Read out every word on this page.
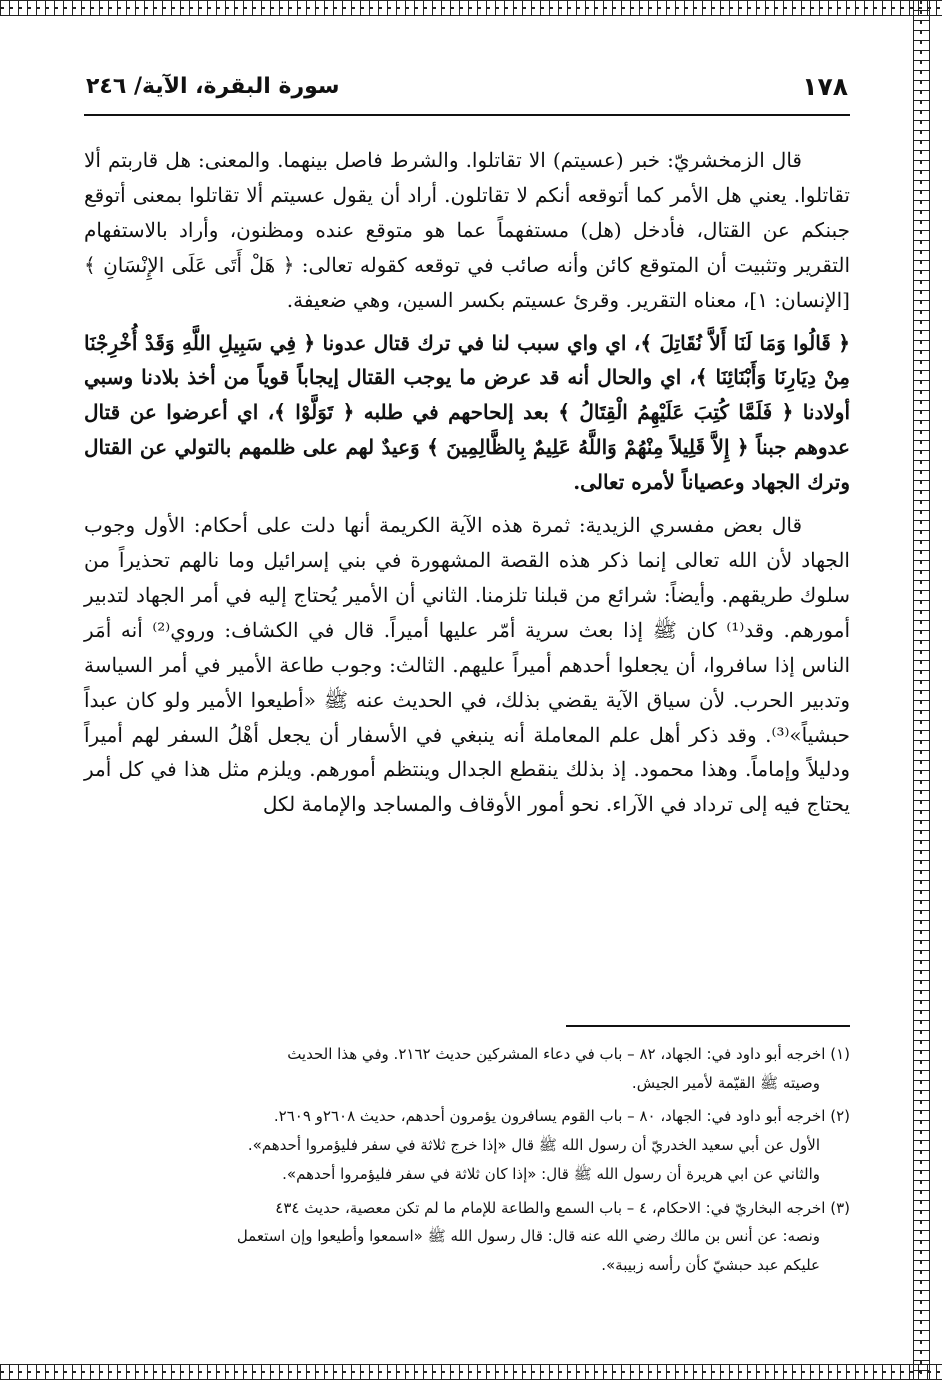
١٧٨
سورة البقرة، الآية/ ٢٤٦

قال الزمخشريّ: خبر (عسيتم) الا تقاتلوا. والشرط فاصل بينهما. والمعنى: هل قاربتم ألا تقاتلوا. يعني هل الأمر كما أتوقعه أنكم لا تقاتلون. أراد أن يقول عسيتم ألا تقاتلوا بمعنى أتوقع جبنكم عن القتال، فأدخل (هل) مستفهماً عما هو متوقع عنده ومظنون، وأراد بالاستفهام التقرير وتثبيت أن المتوقع كائن وأنه صائب في توقعه كقوله تعالى: ﴿ هَلْ أَتَى عَلَى الإِنْسَانِ ﴾[الإنسان: ١]، معناه التقرير. وقرئ عسيتم بكسر السين، وهي ضعيفة.

﴿ قَالُوا وَمَا لَنَا أَلاَّ نُقَاتِلَ ﴾، اي واي سبب لنا في ترك قتال عدونا ﴿ فِي سَبِيلِ اللَّهِ وَقَدْ أُخْرِجْنَا مِنْ دِيَارِنَا وَأَبْنَائِنَا ﴾، اي والحال أنه قد عرض ما يوجب القتال إيجاباً قوياً من أخذ بلادنا وسبي أولادنا ﴿ فَلَمَّا كُتِبَ عَلَيْهِمُ الْقِتَالُ ﴾ بعد إلحاحهم في طلبه ﴿ تَوَلَّوْا ﴾، اي أعرضوا عن قتال عدوهم جبناً ﴿ إِلاَّ قَلِيلاً مِنْهُمْ وَاللَّهُ عَلِيمٌ بِالظَّالِمِينَ ﴾ وَعيدٌ لهم على ظلمهم بالتولي عن القتال وترك الجهاد وعصياناً لأمره تعالى.

قال بعض مفسري الزيدية: ثمرة هذه الآية الكريمة أنها دلت على أحكام: الأول وجوب الجهاد لأن الله تعالى إنما ذكر هذه القصة المشهورة في بني إسرائيل وما نالهم تحذيراً من سلوك طريقهم. وأيضاً: شرائع من قبلنا تلزمنا. الثاني أن الأمير يُحتاج إليه في أمر الجهاد لتدبير أمورهم. وقد⁽¹⁾ كان ﷺ إذا بعث سرية أمّر عليها أميراً. قال في الكشاف: وروي⁽²⁾ أنه أمَر الناس إذا سافروا، أن يجعلوا أحدهم أميراً عليهم. الثالث: وجوب طاعة الأمير في أمر السياسة وتدبير الحرب. لأن سياق الآية يقضي بذلك، في الحديث عنه ﷺ «أطيعوا الأمير ولو كان عبداً حبشياً»⁽³⁾. وقد ذكر أهل علم المعاملة أنه ينبغي في الأسفار أن يجعل أهْلُ السفر لهم أميراً ودليلاً وإماماً. وهذا محمود. إذ بذلك ينقطع الجدال وينتظم أمورهم. ويلزم مثل هذا في كل أمر يحتاج فيه إلى ترداد في الآراء. نحو أمور الأوقاف والمساجد والإمامة لكل

(١) اخرجه أبو داود في: الجهاد، ٨٢ – باب في دعاء المشركين حديث ٢١٦٢. وفي هذا الحديث

وصيته ﷺ القيّمة لأمير الجيش.

(٢) اخرجه أبو داود في: الجهاد، ٨٠ – باب القوم يسافرون يؤمرون أحدهم، حديث ٢٦٠٨و ٢٦٠٩.

الأول عن أبي سعيد الخدريّ أن رسول الله ﷺ قال «إذا خرج ثلاثة في سفر فليؤمروا أحدهم».

والثاني عن ابي هريرة أن رسول الله ﷺ قال: «إذا كان ثلاثة في سفر فليؤمروا أحدهم».

(٣) اخرجه البخاريّ في: الاحكام، ٤ – باب السمع والطاعة للإمام ما لم تكن معصية، حديث ٤٣٤

ونصه: عن أنس بن مالك رضي الله عنه قال: قال رسول الله ﷺ «اسمعوا وأطيعوا وإن استعمل

عليكم عبد حبشيّ كأن رأسه زبيبة».
